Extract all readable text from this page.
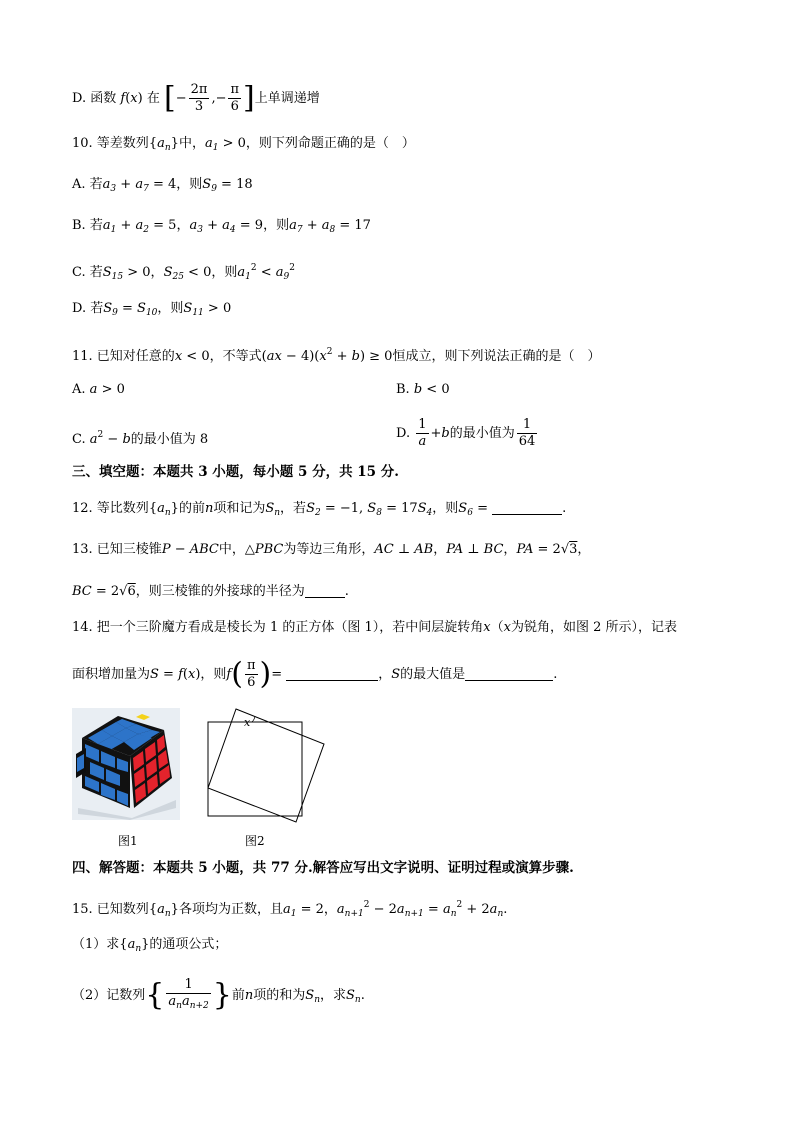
D. 函数 f(x) 在 [− $\frac{2\pi}{3}$ ,− $\frac{\pi}{6}$ ]上单调递增
10. 等差数列$\{a_n\}$中，$a_1 > 0$，则下列命题正确的是（　）
A. 若$a_3 + a_7 = 4$，则$S_9 = 18$
B. 若$a_1 + a_2 = 5$，$a_3 + a_4 = 9$，则$a_7 + a_8 = 17$
C. 若$S_{15} > 0$，$S_{25} < 0$，则$a_1^2 < a_9^2$
D. 若$S_9 = S_{10}$，则$S_{11} > 0$
11. 已知对任意的x < 0，不等式$(ax - 4)(x^2 + b) \ge 0$恒成立，则下列说法正确的是（　）
A. a > 0	B. b < 0
C. $a^2 - b$的最小值为 8	D. $\frac{1}{a} +b$的最小值为 $\frac{1}{64}$
三、填空题：本题共 3 小题，每小题 5 分，共 15 分.
12. 等比数列$\{a_n\}$的前n项和记为$S_n$，若$S_2 = -1$, $S_8 = 17S_4$，则$S_6$ =	.
13. 已知三棱锥P − ABC中，△PBC为等边三角形，AC ⊥ AB，PA ⊥ BC，PA = 2√3，
BC = 2√6，则三棱锥的外接球的半径为	.
14. 把一个三阶魔方看成是棱长为 1 的正方体（图 1），若中间层旋转角x（x为锐角，如图 2 所示），记表
面积增加量为S = f(x)，则$f( \frac{\pi}{6}$ )=	，S的最大值是	.
图1
x
图2
四、解答题：本题共 5 小题，共 77 分.解答应写出文字说明、证明过程或演算步骤.
15. 已知数列$\{a_n\}$各项均为正数，且$a_1 = 2$，$a_{n+1}^2 - 2a_{n+1} = a_n^2 + 2a_n$.
（1）求$\{a_n\}$的通项公式；
（2）记数列{ $\frac{1}{a_na_{n+2}}$ }前n项的和为$S_n$，求$S_n$.
